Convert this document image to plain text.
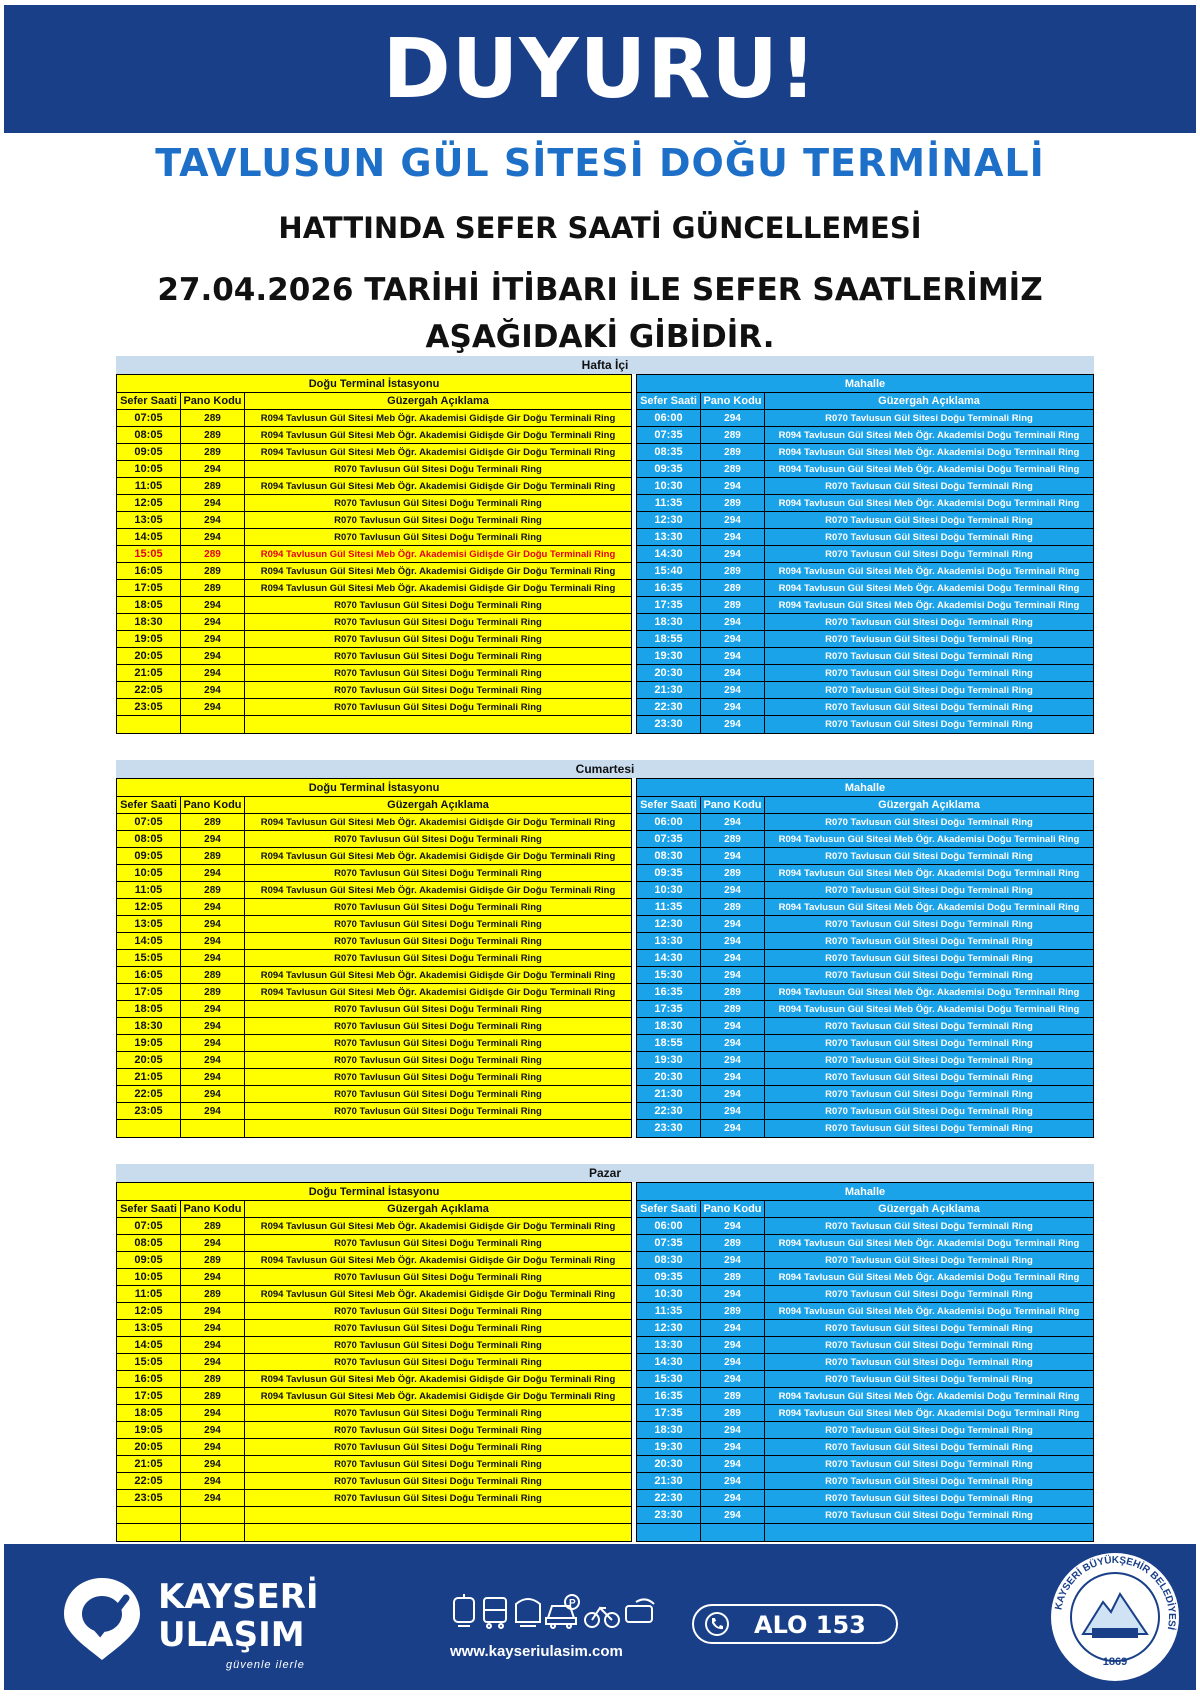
DUYURU!
TAVLUSUN GÜL SİTESİ DOĞU TERMİNALİ
HATTINDA SEFER SAATİ GÜNCELLEMESİ
27.04.2026 TARİHİ İTİBARI İLE SEFER SAATLERİMİZ
AŞAĞIDAKİ GİBİDİR.
Hafta İçi
Doğu Terminal İstasyonu
Sefer Saati Pano Kodu	Güzergah Açıklama
07:05	289	R094 Tavlusun Gül Sitesi Meb Öğr. Akademisi Gidişde Gir Doğu Terminali Ring
08:05	289	R094 Tavlusun Gül Sitesi Meb Öğr. Akademisi Gidişde Gir Doğu Terminali Ring
09:05	289	R094 Tavlusun Gül Sitesi Meb Öğr. Akademisi Gidişde Gir Doğu Terminali Ring
10:05	294	R070 Tavlusun Gül Sitesi Doğu Terminali Ring
11:05	289	R094 Tavlusun Gül Sitesi Meb Öğr. Akademisi Gidişde Gir Doğu Terminali Ring
12:05	294	R070 Tavlusun Gül Sitesi Doğu Terminali Ring
13:05	294	R070 Tavlusun Gül Sitesi Doğu Terminali Ring
14:05	294	R070 Tavlusun Gül Sitesi Doğu Terminali Ring
15:05	289	R094 Tavlusun Gül Sitesi Meb Öğr. Akademisi Gidişde Gir Doğu Terminali Ring
16:05	289	R094 Tavlusun Gül Sitesi Meb Öğr. Akademisi Gidişde Gir Doğu Terminali Ring
17:05	289	R094 Tavlusun Gül Sitesi Meb Öğr. Akademisi Gidişde Gir Doğu Terminali Ring
18:05	294	R070 Tavlusun Gül Sitesi Doğu Terminali Ring
18:30	294	R070 Tavlusun Gül Sitesi Doğu Terminali Ring
19:05	294	R070 Tavlusun Gül Sitesi Doğu Terminali Ring
20:05	294	R070 Tavlusun Gül Sitesi Doğu Terminali Ring
21:05	294	R070 Tavlusun Gül Sitesi Doğu Terminali Ring
22:05	294	R070 Tavlusun Gül Sitesi Doğu Terminali Ring
23:05	294	R070 Tavlusun Gül Sitesi Doğu Terminali Ring
Mahalle
Sefer Saati Pano Kodu	Güzergah Açıklama
06:00	294	R070 Tavlusun Gül Sitesi Doğu Terminali Ring
07:35	289	R094 Tavlusun Gül Sitesi Meb Öğr. Akademisi Doğu Terminali Ring
08:35	289	R094 Tavlusun Gül Sitesi Meb Öğr. Akademisi Doğu Terminali Ring
09:35	289	R094 Tavlusun Gül Sitesi Meb Öğr. Akademisi Doğu Terminali Ring
10:30	294	R070 Tavlusun Gül Sitesi Doğu Terminali Ring
11:35	289	R094 Tavlusun Gül Sitesi Meb Öğr. Akademisi Doğu Terminali Ring
12:30	294	R070 Tavlusun Gül Sitesi Doğu Terminali Ring
13:30	294	R070 Tavlusun Gül Sitesi Doğu Terminali Ring
14:30	294	R070 Tavlusun Gül Sitesi Doğu Terminali Ring
15:40	289	R094 Tavlusun Gül Sitesi Meb Öğr. Akademisi Doğu Terminali Ring
16:35	289	R094 Tavlusun Gül Sitesi Meb Öğr. Akademisi Doğu Terminali Ring
17:35	289	R094 Tavlusun Gül Sitesi Meb Öğr. Akademisi Doğu Terminali Ring
18:30	294	R070 Tavlusun Gül Sitesi Doğu Terminali Ring
18:55	294	R070 Tavlusun Gül Sitesi Doğu Terminali Ring
19:30	294	R070 Tavlusun Gül Sitesi Doğu Terminali Ring
20:30	294	R070 Tavlusun Gül Sitesi Doğu Terminali Ring
21:30	294	R070 Tavlusun Gül Sitesi Doğu Terminali Ring
22:30	294	R070 Tavlusun Gül Sitesi Doğu Terminali Ring
23:30	294	R070 Tavlusun Gül Sitesi Doğu Terminali Ring
Cumartesi
Doğu Terminal İstasyonu
Sefer Saati Pano Kodu	Güzergah Açıklama
07:05	289	R094 Tavlusun Gül Sitesi Meb Öğr. Akademisi Gidişde Gir Doğu Terminali Ring
08:05	294	R070 Tavlusun Gül Sitesi Doğu Terminali Ring
09:05	289	R094 Tavlusun Gül Sitesi Meb Öğr. Akademisi Gidişde Gir Doğu Terminali Ring
10:05	294	R070 Tavlusun Gül Sitesi Doğu Terminali Ring
11:05	289	R094 Tavlusun Gül Sitesi Meb Öğr. Akademisi Gidişde Gir Doğu Terminali Ring
12:05	294	R070 Tavlusun Gül Sitesi Doğu Terminali Ring
13:05	294	R070 Tavlusun Gül Sitesi Doğu Terminali Ring
14:05	294	R070 Tavlusun Gül Sitesi Doğu Terminali Ring
15:05	294	R070 Tavlusun Gül Sitesi Doğu Terminali Ring
16:05	289	R094 Tavlusun Gül Sitesi Meb Öğr. Akademisi Gidişde Gir Doğu Terminali Ring
17:05	289	R094 Tavlusun Gül Sitesi Meb Öğr. Akademisi Gidişde Gir Doğu Terminali Ring
18:05	294	R070 Tavlusun Gül Sitesi Doğu Terminali Ring
18:30	294	R070 Tavlusun Gül Sitesi Doğu Terminali Ring
19:05	294	R070 Tavlusun Gül Sitesi Doğu Terminali Ring
20:05	294	R070 Tavlusun Gül Sitesi Doğu Terminali Ring
21:05	294	R070 Tavlusun Gül Sitesi Doğu Terminali Ring
22:05	294	R070 Tavlusun Gül Sitesi Doğu Terminali Ring
23:05	294	R070 Tavlusun Gül Sitesi Doğu Terminali Ring
Mahalle
Sefer Saati Pano Kodu	Güzergah Açıklama
06:00	294	R070 Tavlusun Gül Sitesi Doğu Terminali Ring
07:35	289	R094 Tavlusun Gül Sitesi Meb Öğr. Akademisi Doğu Terminali Ring
08:30	294	R070 Tavlusun Gül Sitesi Doğu Terminali Ring
09:35	289	R094 Tavlusun Gül Sitesi Meb Öğr. Akademisi Doğu Terminali Ring
10:30	294	R070 Tavlusun Gül Sitesi Doğu Terminali Ring
11:35	289	R094 Tavlusun Gül Sitesi Meb Öğr. Akademisi Doğu Terminali Ring
12:30	294	R070 Tavlusun Gül Sitesi Doğu Terminali Ring
13:30	294	R070 Tavlusun Gül Sitesi Doğu Terminali Ring
14:30	294	R070 Tavlusun Gül Sitesi Doğu Terminali Ring
15:30	294	R070 Tavlusun Gül Sitesi Doğu Terminali Ring
16:35	289	R094 Tavlusun Gül Sitesi Meb Öğr. Akademisi Doğu Terminali Ring
17:35	289	R094 Tavlusun Gül Sitesi Meb Öğr. Akademisi Doğu Terminali Ring
18:30	294	R070 Tavlusun Gül Sitesi Doğu Terminali Ring
18:55	294	R070 Tavlusun Gül Sitesi Doğu Terminali Ring
19:30	294	R070 Tavlusun Gül Sitesi Doğu Terminali Ring
20:30	294	R070 Tavlusun Gül Sitesi Doğu Terminali Ring
21:30	294	R070 Tavlusun Gül Sitesi Doğu Terminali Ring
22:30	294	R070 Tavlusun Gül Sitesi Doğu Terminali Ring
23:30	294	R070 Tavlusun Gül Sitesi Doğu Terminali Ring
Pazar
Doğu Terminal İstasyonu
Sefer Saati Pano Kodu	Güzergah Açıklama
07:05	289	R094 Tavlusun Gül Sitesi Meb Öğr. Akademisi Gidişde Gir Doğu Terminali Ring
08:05	294	R070 Tavlusun Gül Sitesi Doğu Terminali Ring
09:05	289	R094 Tavlusun Gül Sitesi Meb Öğr. Akademisi Gidişde Gir Doğu Terminali Ring
10:05	294	R070 Tavlusun Gül Sitesi Doğu Terminali Ring
11:05	289	R094 Tavlusun Gül Sitesi Meb Öğr. Akademisi Gidişde Gir Doğu Terminali Ring
12:05	294	R070 Tavlusun Gül Sitesi Doğu Terminali Ring
13:05	294	R070 Tavlusun Gül Sitesi Doğu Terminali Ring
14:05	294	R070 Tavlusun Gül Sitesi Doğu Terminali Ring
15:05	294	R070 Tavlusun Gül Sitesi Doğu Terminali Ring
16:05	289	R094 Tavlusun Gül Sitesi Meb Öğr. Akademisi Gidişde Gir Doğu Terminali Ring
17:05	289	R094 Tavlusun Gül Sitesi Meb Öğr. Akademisi Gidişde Gir Doğu Terminali Ring
18:05	294	R070 Tavlusun Gül Sitesi Doğu Terminali Ring
19:05	294	R070 Tavlusun Gül Sitesi Doğu Terminali Ring
20:05	294	R070 Tavlusun Gül Sitesi Doğu Terminali Ring
21:05	294	R070 Tavlusun Gül Sitesi Doğu Terminali Ring
22:05	294	R070 Tavlusun Gül Sitesi Doğu Terminali Ring
23:05	294	R070 Tavlusun Gül Sitesi Doğu Terminali Ring
Mahalle
Sefer Saati Pano Kodu	Güzergah Açıklama
06:00	294	R070 Tavlusun Gül Sitesi Doğu Terminali Ring
07:35	289	R094 Tavlusun Gül Sitesi Meb Öğr. Akademisi Doğu Terminali Ring
08:30	294	R070 Tavlusun Gül Sitesi Doğu Terminali Ring
09:35	289	R094 Tavlusun Gül Sitesi Meb Öğr. Akademisi Doğu Terminali Ring
10:30	294	R070 Tavlusun Gül Sitesi Doğu Terminali Ring
11:35	289	R094 Tavlusun Gül Sitesi Meb Öğr. Akademisi Doğu Terminali Ring
12:30	294	R070 Tavlusun Gül Sitesi Doğu Terminali Ring
13:30	294	R070 Tavlusun Gül Sitesi Doğu Terminali Ring
14:30	294	R070 Tavlusun Gül Sitesi Doğu Terminali Ring
15:30	294	R070 Tavlusun Gül Sitesi Doğu Terminali Ring
16:35	289	R094 Tavlusun Gül Sitesi Meb Öğr. Akademisi Doğu Terminali Ring
17:35	289	R094 Tavlusun Gül Sitesi Meb Öğr. Akademisi Doğu Terminali Ring
18:30	294	R070 Tavlusun Gül Sitesi Doğu Terminali Ring
19:30	294	R070 Tavlusun Gül Sitesi Doğu Terminali Ring
20:30	294	R070 Tavlusun Gül Sitesi Doğu Terminali Ring
21:30	294	R070 Tavlusun Gül Sitesi Doğu Terminali Ring
22:30	294	R070 Tavlusun Gül Sitesi Doğu Terminali Ring
23:30	294	R070 Tavlusun Gül Sitesi Doğu Terminali Ring
KAYSERİ
ULAŞIM
güvenle ilerle
P
www.kayseriulasim.com
ALO 153
KAYSERİ BÜYÜKŞEHİR BELEDİYESİ
1869
